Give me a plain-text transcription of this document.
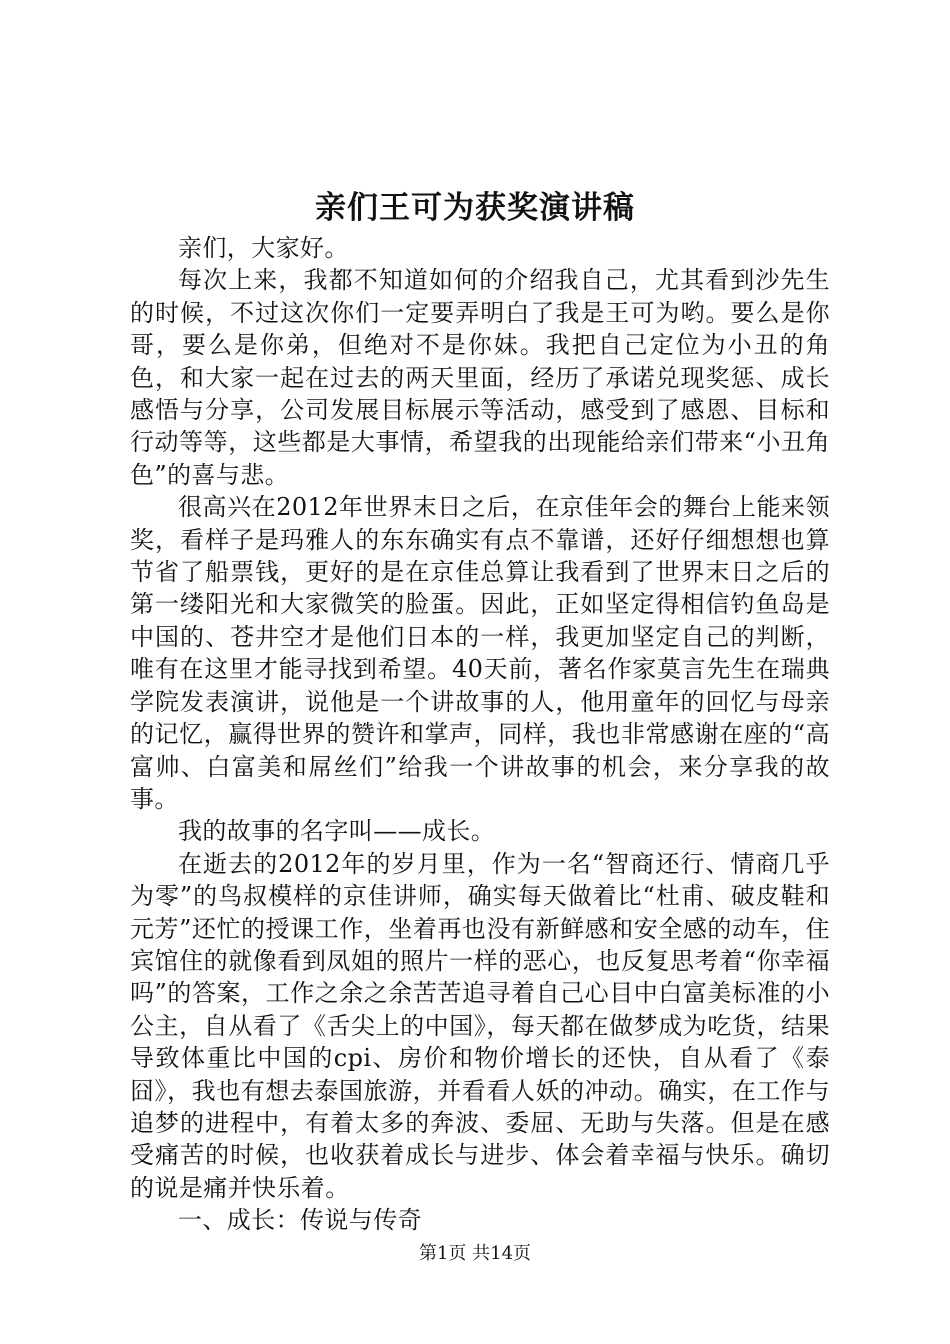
亲们王可为获奖演讲稿

亲们，大家好。

每次上来，我都不知道如何的介绍我自己，尤其看到沙先生的时候，不过这次你们一定要弄明白了我是王可为哟。要么是你哥，要么是你弟，但绝对不是你妹。我把自己定位为小丑的角色，和大家一起在过去的两天里面，经历了承诺兑现奖惩、成长感悟与分享，公司发展目标展示等活动，感受到了感恩、目标和行动等等，这些都是大事情，希望我的出现能给亲们带来“小丑角色”的喜与悲。

很高兴在2012年世界末日之后，在京佳年会的舞台上能来领奖，看样子是玛雅人的东东确实有点不靠谱，还好仔细想想也算节省了船票钱，更好的是在京佳总算让我看到了世界末日之后的第一缕阳光和大家微笑的脸蛋。因此，正如坚定得相信钓鱼岛是中国的、苍井空才是他们日本的一样，我更加坚定自己的判断，唯有在这里才能寻找到希望。40天前，著名作家莫言先生在瑞典学院发表演讲，说他是一个讲故事的人，他用童年的回忆与母亲的记忆，赢得世界的赞许和掌声，同样，我也非常感谢在座的“高富帅、白富美和屌丝们”给我一个讲故事的机会，来分享我的故事。

我的故事的名字叫——成长。

在逝去的2012年的岁月里，作为一名“智商还行、情商几乎为零”的鸟叔模样的京佳讲师，确实每天做着比“杜甫、破皮鞋和元芳”还忙的授课工作，坐着再也没有新鲜感和安全感的动车，住宾馆住的就像看到凤姐的照片一样的恶心，也反复思考着“你幸福吗”的答案，工作之余之余苦苦追寻着自己心目中白富美标准的小公主，自从看了《舌尖上的中国》，每天都在做梦成为吃货，结果导致体重比中国的cpi、房价和物价增长的还快，自从看了《泰囧》，我也有想去泰国旅游，并看看人妖的冲动。确实，在工作与追梦的进程中，有着太多的奔波、委屈、无助与失落。但是在感受痛苦的时候，也收获着成长与进步、体会着幸福与快乐。确切的说是痛并快乐着。

一、成长：传说与传奇

第1页 共14页
